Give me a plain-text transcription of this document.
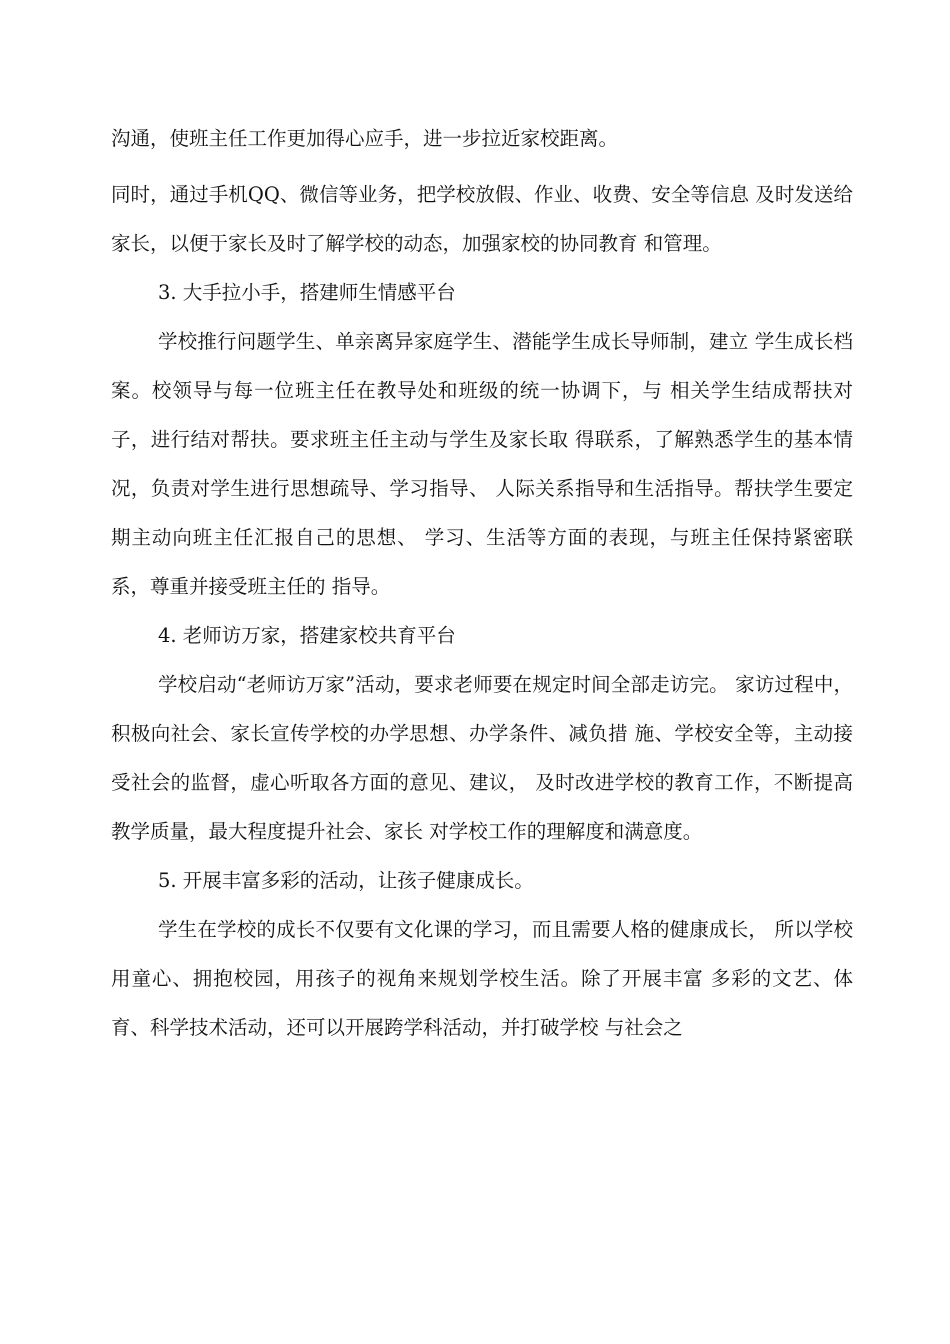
沟通，使班主任工作更加得心应手，进一步拉近家校距离。

同时，通过手机QQ、微信等业务，把学校放假、作业、收费、安全等信息 及时发送给家长，以便于家长及时了解学校的动态，加强家校的协同教育 和管理。

3. 大手拉小手，搭建师生情感平台

学校推行问题学生、单亲离异家庭学生、潜能学生成长导师制，建立 学生成长档案。校领导与每一位班主任在教导处和班级的统一协调下，与 相关学生结成帮扶对子，进行结对帮扶。要求班主任主动与学生及家长取 得联系，了解熟悉学生的基本情况，负责对学生进行思想疏导、学习指导、 人际关系指导和生活指导。帮扶学生要定期主动向班主任汇报自己的思想、 学习、生活等方面的表现，与班主任保持紧密联系，尊重并接受班主任的 指导。

4. 老师访万家，搭建家校共育平台

学校启动“老师访万家”活动，要求老师要在规定时间全部走访完。 家访过程中，积极向社会、家长宣传学校的办学思想、办学条件、减负措 施、学校安全等，主动接受社会的监督，虚心听取各方面的意见、建议， 及时改进学校的教育工作，不断提高教学质量，最大程度提升社会、家长 对学校工作的理解度和满意度。

5. 开展丰富多彩的活动，让孩子健康成长。

学生在学校的成长不仅要有文化课的学习，而且需要人格的健康成长， 所以学校用童心、拥抱校园，用孩子的视角来规划学校生活。除了开展丰富 多彩的文艺、体育、科学技术活动，还可以开展跨学科活动，并打破学校 与社会之
